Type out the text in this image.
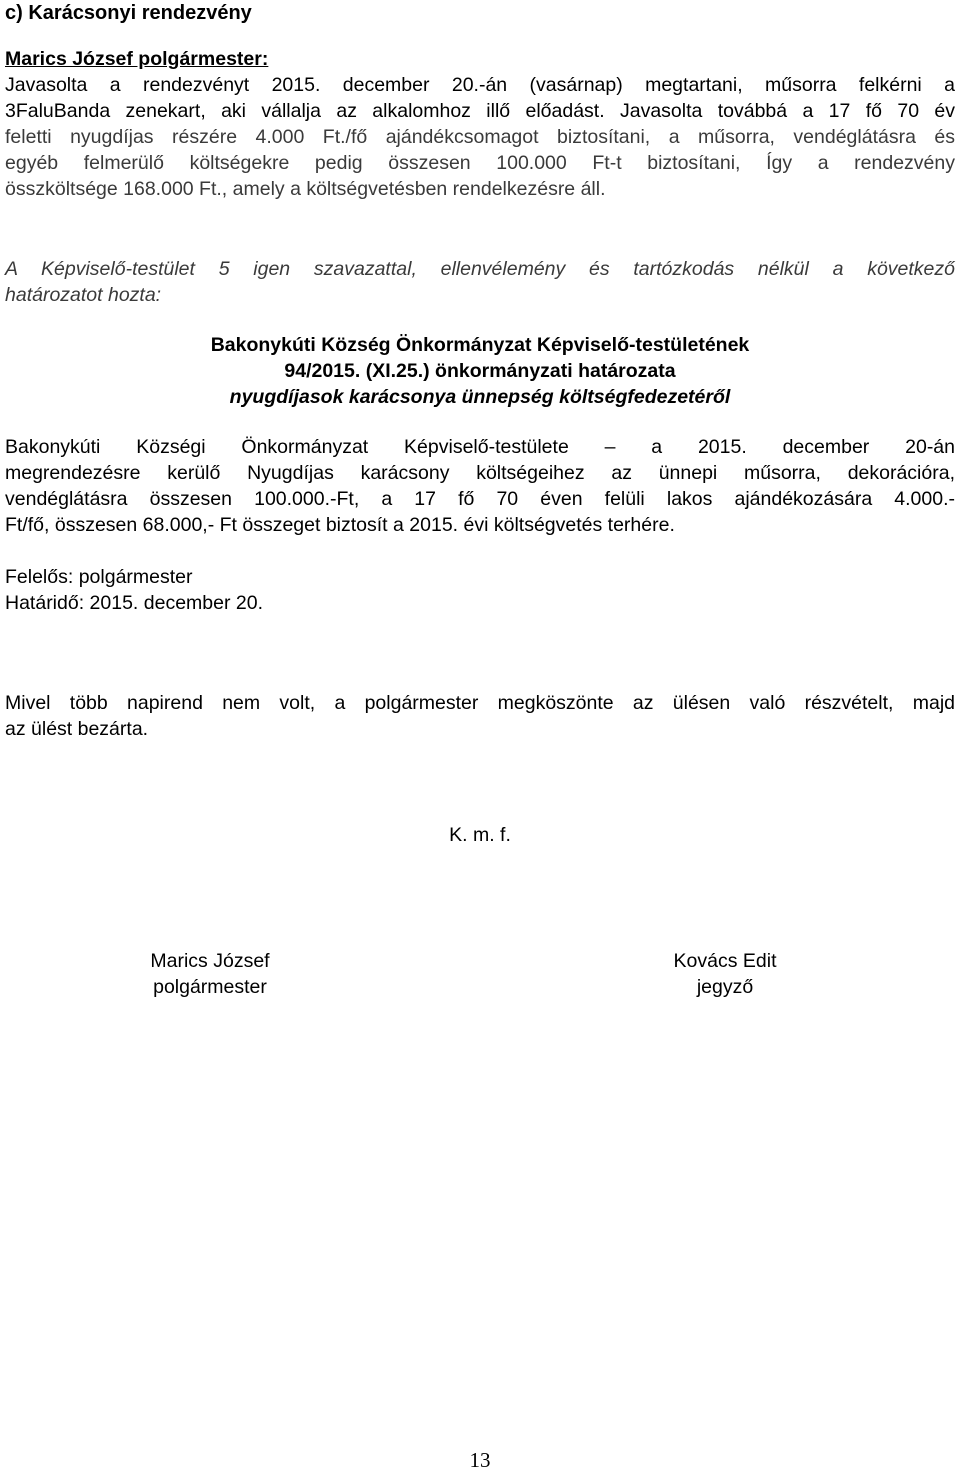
c) Karácsonyi rendezvény
Marics József polgármester:
Javasolta a rendezvényt 2015. december 20.-án (vasárnap) megtartani, műsorra felkérni a
3FaluBanda zenekart, aki vállalja az alkalomhoz illő előadást. Javasolta továbbá a 17 fő 70 év
feletti nyugdíjas részére 4.000 Ft./fő ajándékcsomagot biztosítani, a műsorra, vendéglátásra és
egyéb felmerülő költségekre pedig összesen 100.000 Ft-t biztosítani, Így a rendezvény
összköltsége 168.000 Ft., amely a költségvetésben rendelkezésre áll.
A Képviselő-testület 5 igen szavazattal, ellenvélemény és tartózkodás nélkül a következő
határozatot hozta:
Bakonykúti Község Önkormányzat Képviselő-testületének
94/2015. (XI.25.) önkormányzati határozata
nyugdíjasok karácsonya ünnepség költségfedezetéről
Bakonykúti Községi Önkormányzat Képviselő-testülete – a 2015. december 20-án
megrendezésre kerülő Nyugdíjas karácsony költségeihez az ünnepi műsorra, dekorációra,
vendéglátásra összesen 100.000.-Ft, a 17 fő 70 éven felüli lakos ajándékozására 4.000.-
Ft/fő, összesen 68.000,- Ft összeget biztosít a 2015. évi költségvetés terhére.
Felelős: polgármester
Határidő: 2015. december 20.
Mivel több napirend nem volt, a polgármester megköszönte az ülésen való részvételt, majd
az ülést bezárta.
K. m. f.
Marics József
polgármester
Kovács Edit
jegyző
13
